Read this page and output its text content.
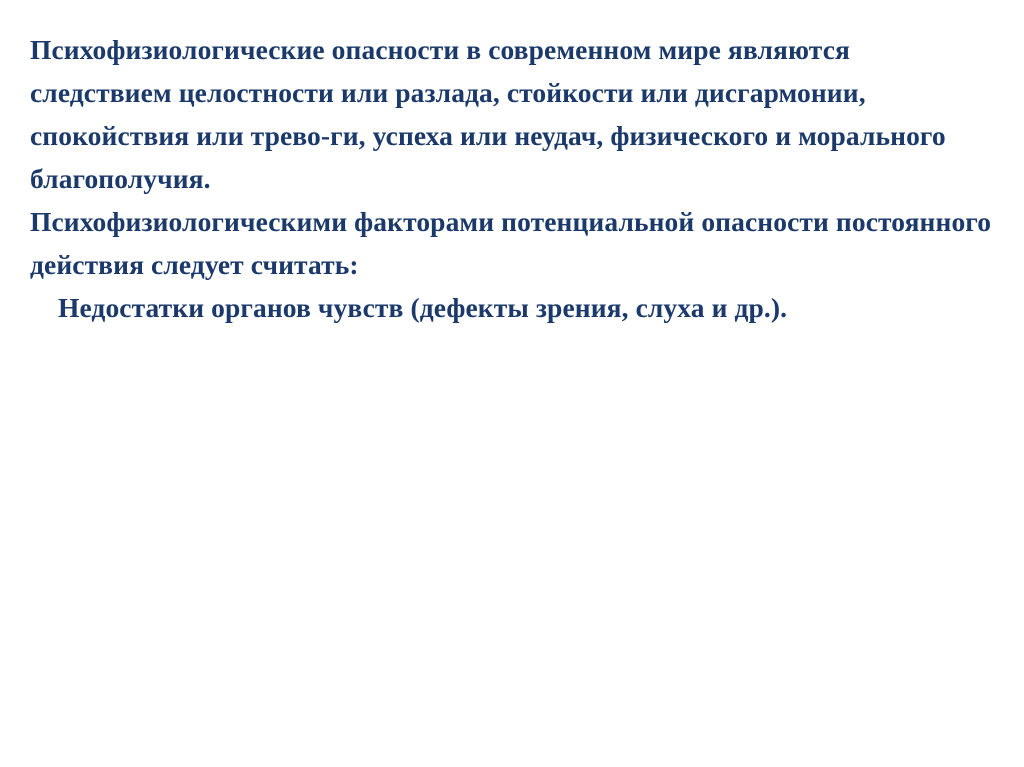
Психофизиологические опасности в современном мире являются следствием целостности или разлада, стойкости или дисгармонии, спокойствия или трево-ги, успеха или неудач, физического и морального благополучия.

Психофизиологическими факторами потенциальной опасности постоянного действия следует считать:

Недостатки органов чувств (дефекты зрения, слуха и др.).
